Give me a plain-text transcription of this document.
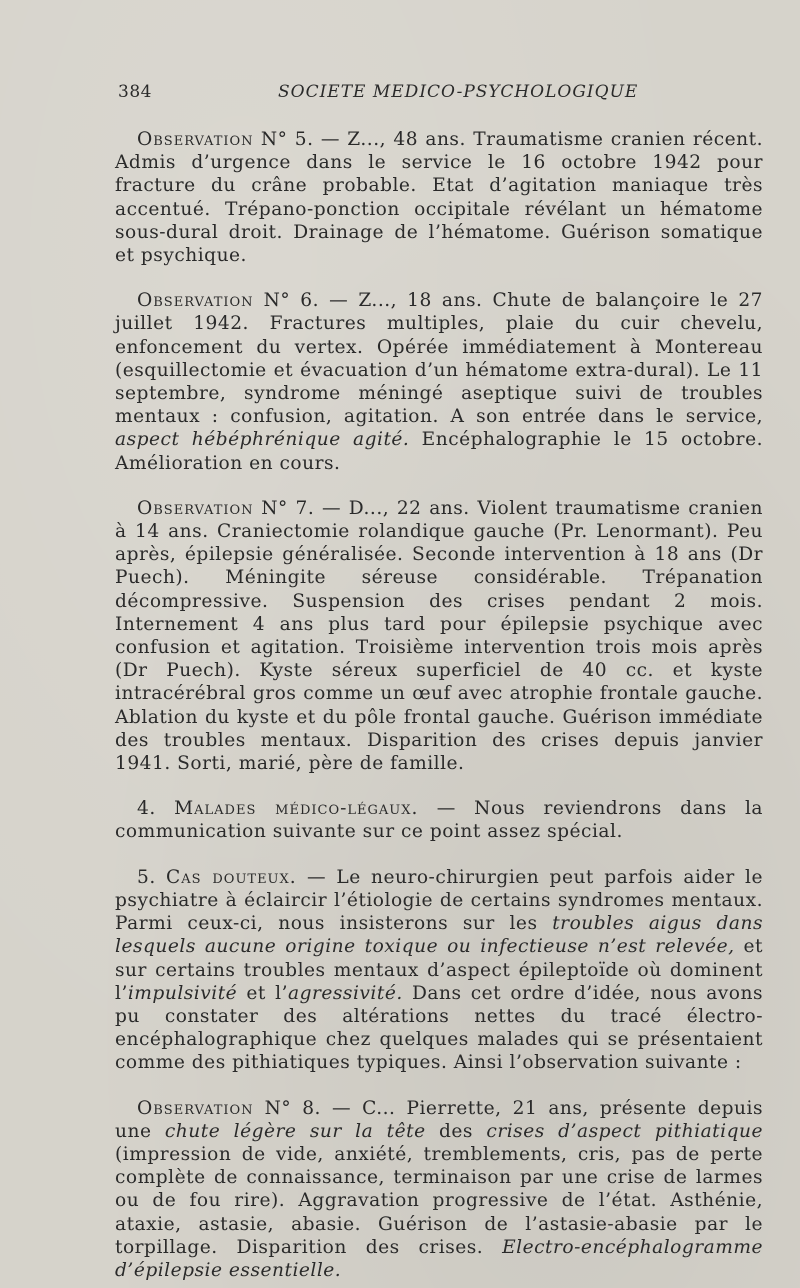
384	SOCIETE MEDICO-PSYCHOLOGIQUE

Observation N° 5. — Z..., 48 ans. Traumatisme cranien récent. Admis d’urgence dans le service le 16 octobre 1942 pour fracture du crâne probable. Etat d’agitation maniaque très accentué. Trépano-ponction occipitale révélant un hématome sous-dural droit. Drainage de l’hématome. Guérison somatique et psychique.

Observation N° 6. — Z..., 18 ans. Chute de balançoire le 27 juillet 1942. Fractures multiples, plaie du cuir chevelu, enfoncement du vertex. Opérée immédiatement à Montereau (esquillectomie et évacuation d’un hématome extra-dural). Le 11 septembre, syndrome méningé aseptique suivi de troubles mentaux : confusion, agitation. A son entrée dans le service, aspect hébéphrénique agité. Encéphalographie le 15 octobre. Amélioration en cours.

Observation N° 7. — D..., 22 ans. Violent traumatisme cranien à 14 ans. Craniectomie rolandique gauche (Pr. Lenormant). Peu après, épilepsie généralisée. Seconde intervention à 18 ans (Dr Puech). Méningite séreuse considérable. Trépanation décompressive. Suspension des crises pendant 2 mois. Internement 4 ans plus tard pour épilepsie psychique avec confusion et agitation. Troisième intervention trois mois après (Dr Puech). Kyste séreux superficiel de 40 cc. et kyste intracérébral gros comme un œuf avec atrophie frontale gauche. Ablation du kyste et du pôle frontal gauche. Guérison immédiate des troubles mentaux. Disparition des crises depuis janvier 1941. Sorti, marié, père de famille.

4. Malades médico-légaux. — Nous reviendrons dans la communication suivante sur ce point assez spécial.

5. Cas douteux. — Le neuro-chirurgien peut parfois aider le psychiatre à éclaircir l’étiologie de certains syndromes mentaux. Parmi ceux-ci, nous insisterons sur les troubles aigus dans lesquels aucune origine toxique ou infectieuse n’est relevée, et sur certains troubles mentaux d’aspect épileptoïde où dominent l’impulsivité et l’agressivité. Dans cet ordre d’idée, nous avons pu constater des altérations nettes du tracé électro-encéphalographique chez quelques malades qui se présentaient comme des pithiatiques typiques. Ainsi l’observation suivante :

Observation N° 8. — C... Pierrette, 21 ans, présente depuis une chute légère sur la tête des crises d’aspect pithiatique (impression de vide, anxiété, tremblements, cris, pas de perte complète de connaissance, terminaison par une crise de larmes ou de fou rire). Aggravation progressive de l’état. Asthénie, ataxie, astasie, abasie. Guérison de l’astasie-abasie par le torpillage. Disparition des crises. Electro-encéphalogramme d’épilepsie essentielle.
